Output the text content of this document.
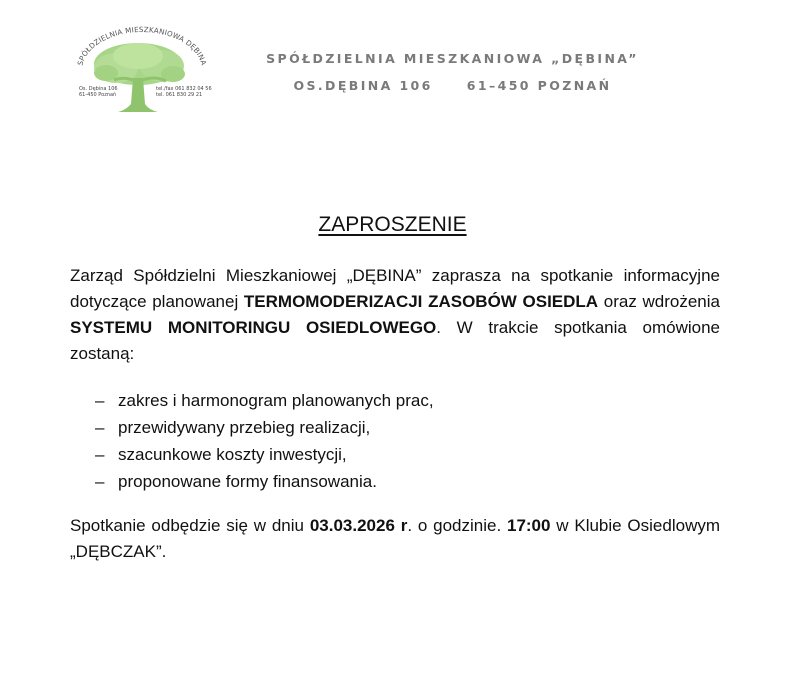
SPÓŁDZIELNIA MIESZKANIOWA DĘBINA
Os. Dębina 106
61-450 Poznań
tel./fax 061 832 04 56
tel. 061 830 29 21
SPÓŁDZIELNIA MIESZKANIOWA „DĘBINA”
OS.DĘBINA 106	61–450 POZNAŃ
ZAPROSZENIE
Zarząd Spółdzielni Mieszkaniowej „DĘBINA” zaprasza na spotkanie informacyjne dotyczące planowanej TERMOMODERIZACJI ZASOBÓW OSIEDLA oraz wdrożenia SYSTEMU MONITORINGU OSIEDLOWEGO. W trakcie spotkania omówione zostaną:
– zakres i harmonogram planowanych prac,
– przewidywany przebieg realizacji,
– szacunkowe koszty inwestycji,
– proponowane formy finansowania.
Spotkanie odbędzie się w dniu 03.03.2026 r. o godzinie. 17:00 w Klubie Osiedlowym „DĘBCZAK”.
